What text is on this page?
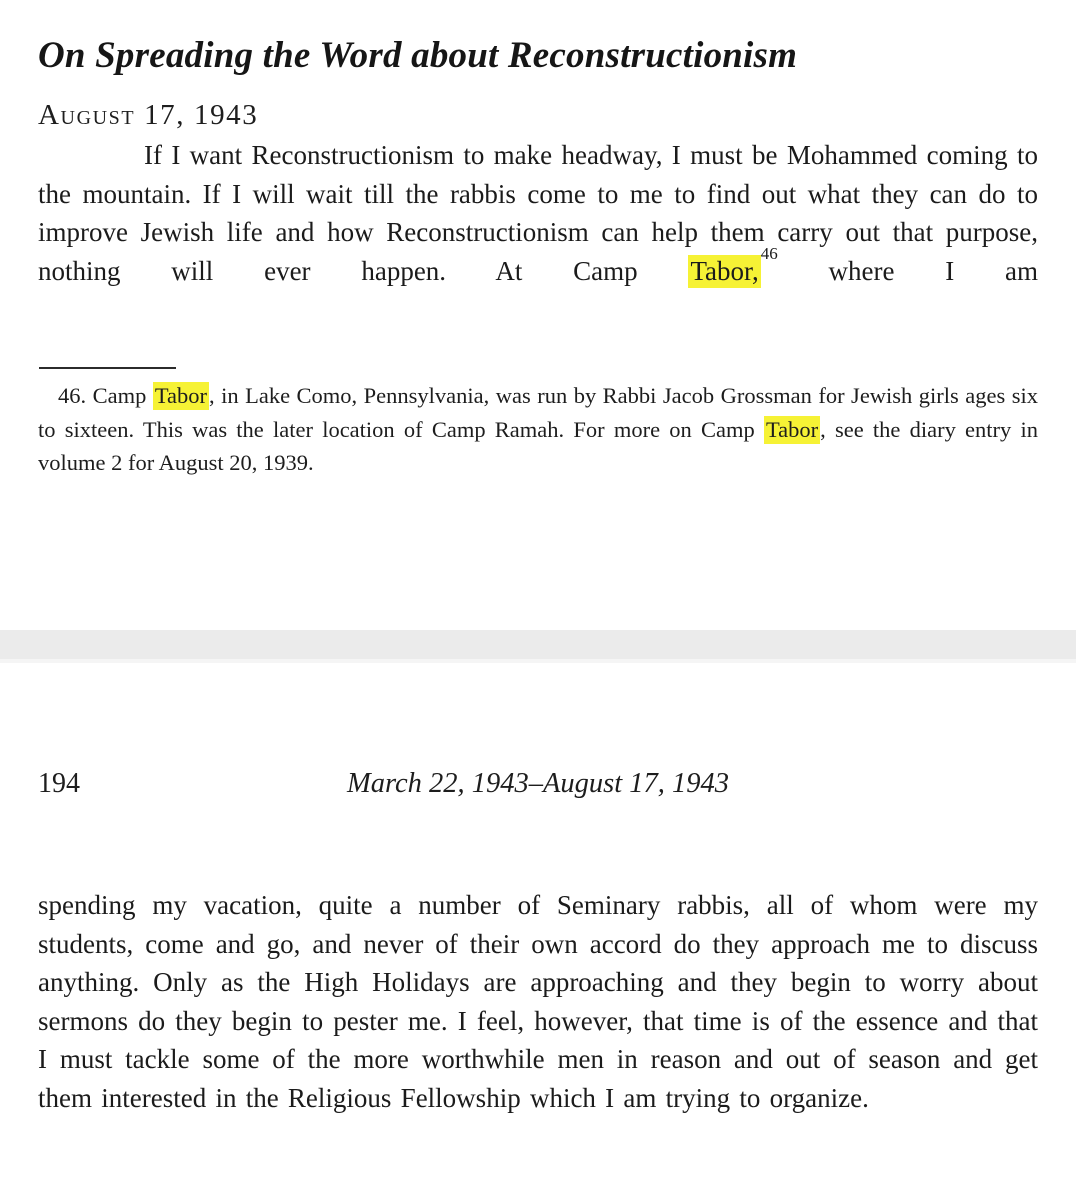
On Spreading the Word about Reconstructionism
August 17, 1943

If I want Reconstructionism to make headway, I must be Mohammed coming to the mountain. If I will wait till the rabbis come to me to find out what they can do to improve Jewish life and how Reconstructionism can help them carry out that purpose, nothing will ever happen. At Camp Tabor,$^{46}$ where I am

46. Camp Tabor, in Lake Como, Pennsylvania, was run by Rabbi Jacob Grossman for Jewish girls ages six to sixteen. This was the later location of Camp Ramah. For more on Camp Tabor, see the diary entry in volume 2 for August 20, 1939.

194	March 22, 1943–August 17, 1943

spending my vacation, quite a number of Seminary rabbis, all of whom were my students, come and go, and never of their own accord do they approach me to discuss anything. Only as the High Holidays are approaching and they begin to worry about sermons do they begin to pester me. I feel, however, that time is of the essence and that I must tackle some of the more worthwhile men in reason and out of season and get them interested in the Religious Fellowship which I am trying to organize.
